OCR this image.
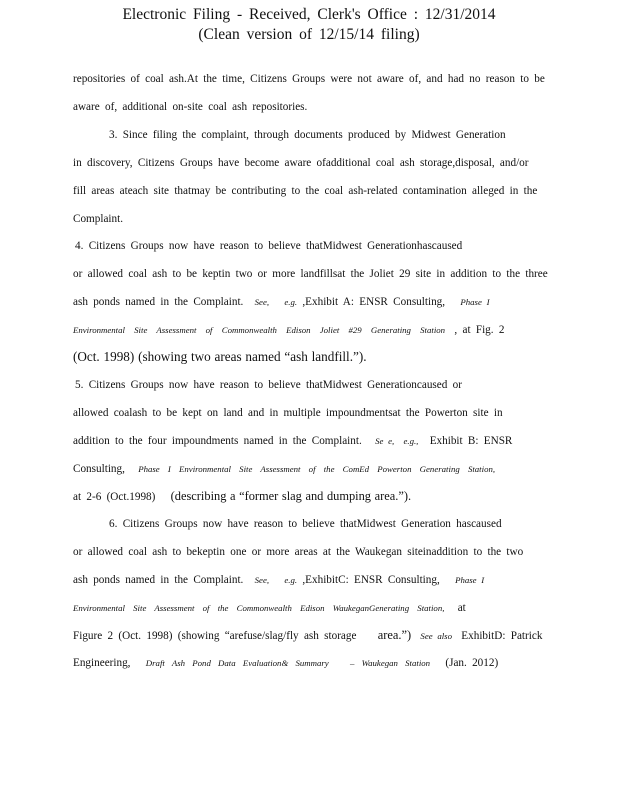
Electronic Filing - Received, Clerk's Office : 12/31/2014
(Clean version of 12/15/14 filing)
repositories of coal ash.At the time, Citizens Groups were not aware of, and had no reason to be
aware of, additional on-site coal ash repositories.
3. Since filing the complaint, through documents produced by Midwest Generation
in discovery, Citizens Groups have become aware ofadditional coal ash storage,disposal, and/or
fill areas ateach site thatmay be contributing to the coal ash-related contamination alleged in the
Complaint.
4. Citizens Groups now have reason to believe thatMidwest Generationhascaused
or allowed coal ash to be keptin two or more landfillsat the Joliet 29 site in addition to the three
ash ponds named in the Complaint. See, e.g. ,Exhibit A: ENSR Consulting, Phase I
Environmental Site Assessment of Commonwealth Edison Joliet #29 Generating Station , at Fig. 2
(Oct. 1998) (showing two areas named “ash landfill.”).
5. Citizens Groups now have reason to believe thatMidwest Generationcaused or
allowed coalash to be kept on land and in multiple impoundmentsat the Powerton site in
addition to the four impoundments named in the Complaint. Se e, e.g., Exhibit B: ENSR
Consulting, Phase I Environmental Site Assessment of the ComEd Powerton Generating Station,
at 2-6 (Oct.1998) (describing a “former slag and dumping area.”).
6. Citizens Groups now have reason to believe thatMidwest Generation hascaused
or allowed coal ash to bekeptin one or more areas at the Waukegan siteinaddition to the two
ash ponds named in the Complaint. See, e.g. ,ExhibitC: ENSR Consulting, Phase I
Environmental Site Assessment of the Commonwealth Edison WaukeganGenerating Station, at
Figure 2 (Oct. 1998) (showing “arefuse/slag/fly ash storage area.”) See also ExhibitD: Patrick
Engineering, Draft Ash Pond Data Evaluation& Summary – Waukegan Station (Jan. 2012)
